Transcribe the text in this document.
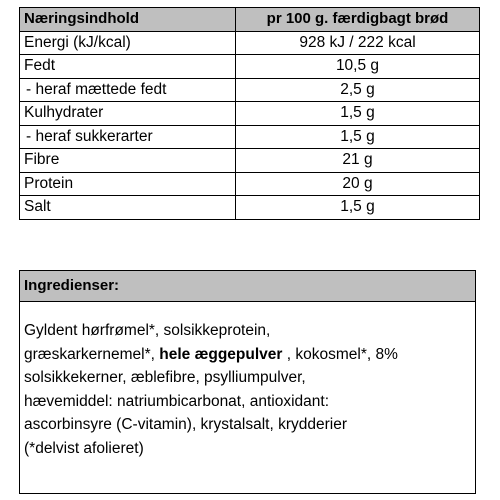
Næringsindhold	pr 100 g. færdigbagt brød
Energi (kJ/kcal)	928 kJ / 222 kcal
Fedt	10,5 g
- heraf mættede fedt	2,5 g
Kulhydrater	1,5 g
- heraf sukkerarter	1,5 g
Fibre	21 g
Protein	20 g
Salt	1,5 g
Ingredienser:
Gyldent hørfrømel*, solsikkeprotein,
græskarkernemel*, hele æggepulver , kokosmel*, 8%
solsikkekerner, æblefibre, psylliumpulver,
hævemiddel: natriumbicarbonat, antioxidant:
ascorbinsyre (C-vitamin), krystalsalt, krydderier
(*delvist afolieret)
